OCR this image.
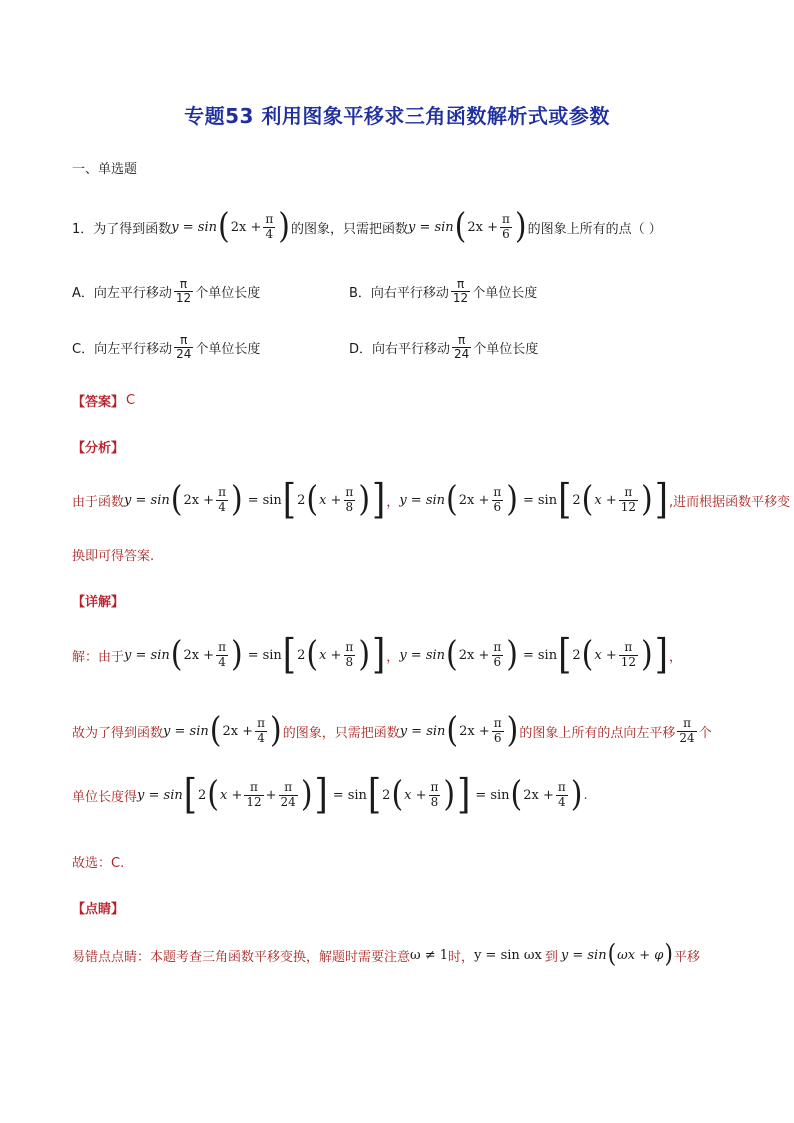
专题53 利用图象平移求三角函数解析式或参数
一、单选题
1．为了得到函数 y = sin ( $2x + \frac{\pi}{4}$ ) 的图象，只需把函数 y = sin ( $2x + \frac{\pi}{6}$ ) 的图象上所有的点（ ）
A．向左平行移动 $\frac{\pi}{12}$ 个单位长度	B．向右平行移动 $\frac{\pi}{12}$ 个单位长度
C．向左平行移动 $\frac{\pi}{24}$ 个单位长度	D．向右平行移动 $\frac{\pi}{24}$ 个单位长度
【答案】 C
【分析】
由于函数 y = sin ( $2x + \frac{\pi}{4}$ ) = sin [ 2 ( $x + \frac{\pi}{8}$ ) ] ， y = sin ( $2x + \frac{\pi}{6}$ ) = sin [ 2 ( $x + \frac{\pi}{12}$ ) ] ,进而根据函数平移变
换即可得答案.
【详解】
解：由于 y = sin ( $2x + \frac{\pi}{4}$ ) = sin [ 2 ( $x + \frac{\pi}{8}$ ) ] ， y = sin ( $2x + \frac{\pi}{6}$ ) = sin [ 2 ( $x + \frac{\pi}{12}$ ) ] ，
故为了得到函数 y = sin ( $2x + \frac{\pi}{4}$ ) 的图象，只需把函数 y = sin ( $2x + \frac{\pi}{6}$ ) 的图象上所有的点向左平移 $\frac{\pi}{24}$ 个
单位长度得 y = sin [ 2 ( $x + \frac{\pi}{12} + \frac{\pi}{24}$ ) ] = sin [ 2 ( $x + \frac{\pi}{8}$ ) ] = sin ( $2x + \frac{\pi}{4}$ ) .
故选：C.
【点睛】
易错点点睛：本题考查三角函数平移变换，解题时需要注意 ω ≠ 1 时， y = sin ωx 到 y = sin ( ωx + φ ) 平移
